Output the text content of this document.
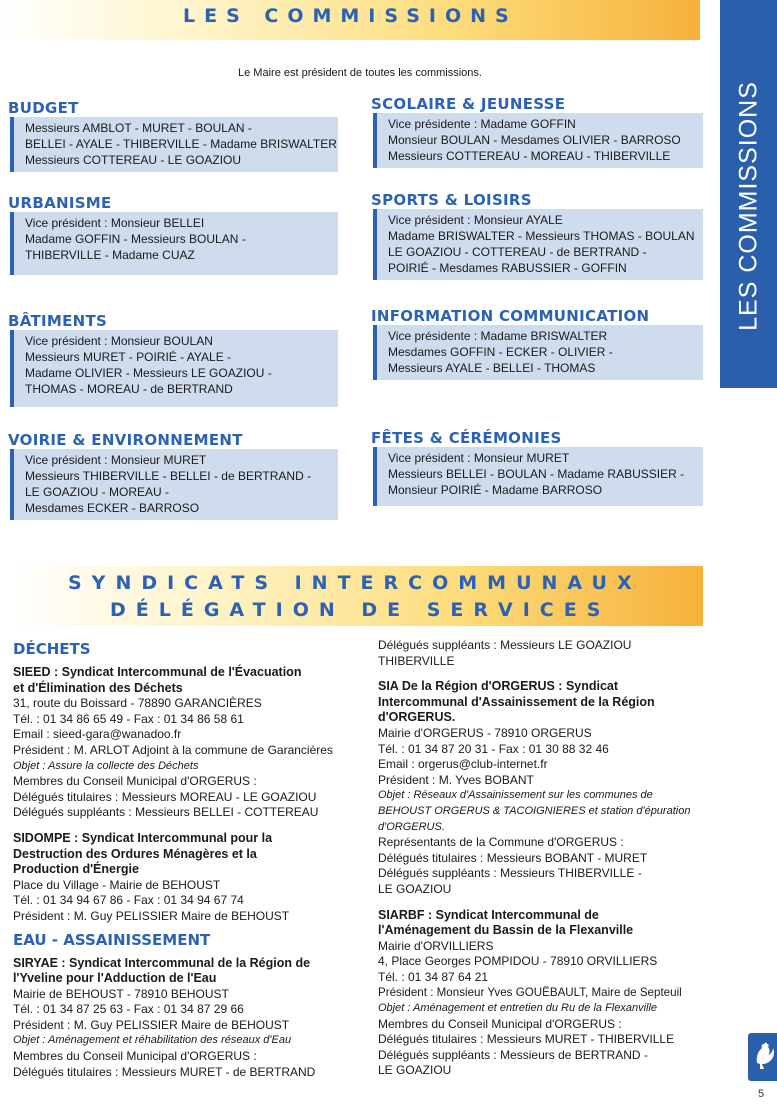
LES COMMISSIONS
LES COMMISSIONS
Le Maire est président de toutes les commissions.
BUDGET
Messieurs AMBLOT - MURET - BOULAN -
BELLEI - AYALE - THIBERVILLE - Madame BRISWALTER
Messieurs COTTEREAU - LE GOAZIOU
URBANISME
Vice président : Monsieur BELLEI
Madame GOFFIN - Messieurs BOULAN -
THIBERVILLE - Madame CUAZ
BÂTIMENTS
Vice président : Monsieur BOULAN
Messieurs MURET - POIRIÉ - AYALE -
Madame OLIVIER - Messieurs LE GOAZIOU -
THOMAS - MOREAU - de BERTRAND
VOIRIE & ENVIRONNEMENT
Vice président : Monsieur MURET
Messieurs THIBERVILLE - BELLEI - de BERTRAND -
LE GOAZIOU - MOREAU -
Mesdames ECKER - BARROSO
SCOLAIRE & JEUNESSE
Vice présidente : Madame GOFFIN
Monsieur BOULAN - Mesdames OLIVIER - BARROSO
Messieurs COTTEREAU - MOREAU - THIBERVILLE
SPORTS & LOISIRS
Vice président : Monsieur AYALE
Madame BRISWALTER - Messieurs THOMAS - BOULAN
LE GOAZIOU - COTTEREAU - de BERTRAND -
POIRIÉ - Mesdames RABUSSIER - GOFFIN
INFORMATION COMMUNICATION
Vice présidente : Madame BRISWALTER
Mesdames GOFFIN - ECKER - OLIVIER -
Messieurs AYALE - BELLEI - THOMAS
FÊTES & CÉRÉMONIES
Vice président : Monsieur MURET
Messieurs BELLEI - BOULAN - Madame RABUSSIER -
Monsieur POIRIÉ - Madame BARROSO
SYNDICATS INTERCOMMUNAUX
DÉLÉGATION DE SERVICES
DÉCHETS
SIEED : Syndicat Intercommunal de l'Évacuation
et d'Élimination des Déchets
31, route du Boissard - 78890 GARANCIÈRES
Tél. : 01 34 86 65 49 - Fax : 01 34 86 58 61
Email : sieed-gara@wanadoo.fr
Président : M. ARLOT Adjoint à la commune de Garancières
Objet : Assure la collecte des Déchets
Membres du Conseil Municipal d'ORGERUS :
Délégués titulaires : Messieurs MOREAU - LE GOAZIOU
Délégués suppléants : Messieurs BELLEI - COTTEREAU
SIDOMPE : Syndicat Intercommunal pour la
Destruction des Ordures Ménagères et la
Production d'Énergie
Place du Village - Mairie de BEHOUST
Tél. : 01 34 94 67 86 - Fax : 01 34 94 67 74
Président : M. Guy PELISSIER Maire de BEHOUST
EAU - ASSAINISSEMENT
SIRYAE : Syndicat Intercommunal de la Région de
l'Yveline pour l'Adduction de l'Eau
Mairie de BEHOUST - 78910 BEHOUST
Tél. : 01 34 87 25 63 - Fax : 01 34 87 29 66
Président : M. Guy PELISSIER Maire de BEHOUST
Objet : Aménagement et réhabilitation des réseaux d'Eau
Membres du Conseil Municipal d'ORGERUS :
Délégués titulaires : Messieurs MURET - de BERTRAND
Délégués suppléants : Messieurs LE GOAZIOU
THIBERVILLE
SIA De la Région d'ORGERUS : Syndicat
Intercommunal d'Assainissement de la Région
d'ORGERUS.
Mairie d'ORGERUS - 78910 ORGERUS
Tél. : 01 34 87 20 31 - Fax : 01 30 88 32 46
Email : orgerus@club-internet.fr
Président : M. Yves BOBANT
Objet : Réseaux d'Assainissement sur les communes de BEHOUST ORGERUS & TACOIGNIERES et station d'épuration d'ORGERUS.
Représentants de la Commune d'ORGERUS :
Délégués titulaires : Messieurs BOBANT - MURET
Délégués suppléants : Messieurs THIBERVILLE -
LE GOAZIOU
SIARBF : Syndicat Intercommunal de
l'Aménagement du Bassin de la Flexanville
Mairie d'ORVILLIERS
4, Place Georges POMPIDOU - 78910 ORVILLIERS
Tél. : 01 34 87 64 21
Président : Monsieur Yves GOUËBAULT, Maire de Septeuil
Objet : Aménagement et entretien du Ru de la Flexanville
Membres du Conseil Municipal d'ORGERUS :
Délégués titulaires : Messieurs MURET - THIBERVILLE
Délégués suppléants : Messieurs de BERTRAND -
LE GOAZIOU
5
